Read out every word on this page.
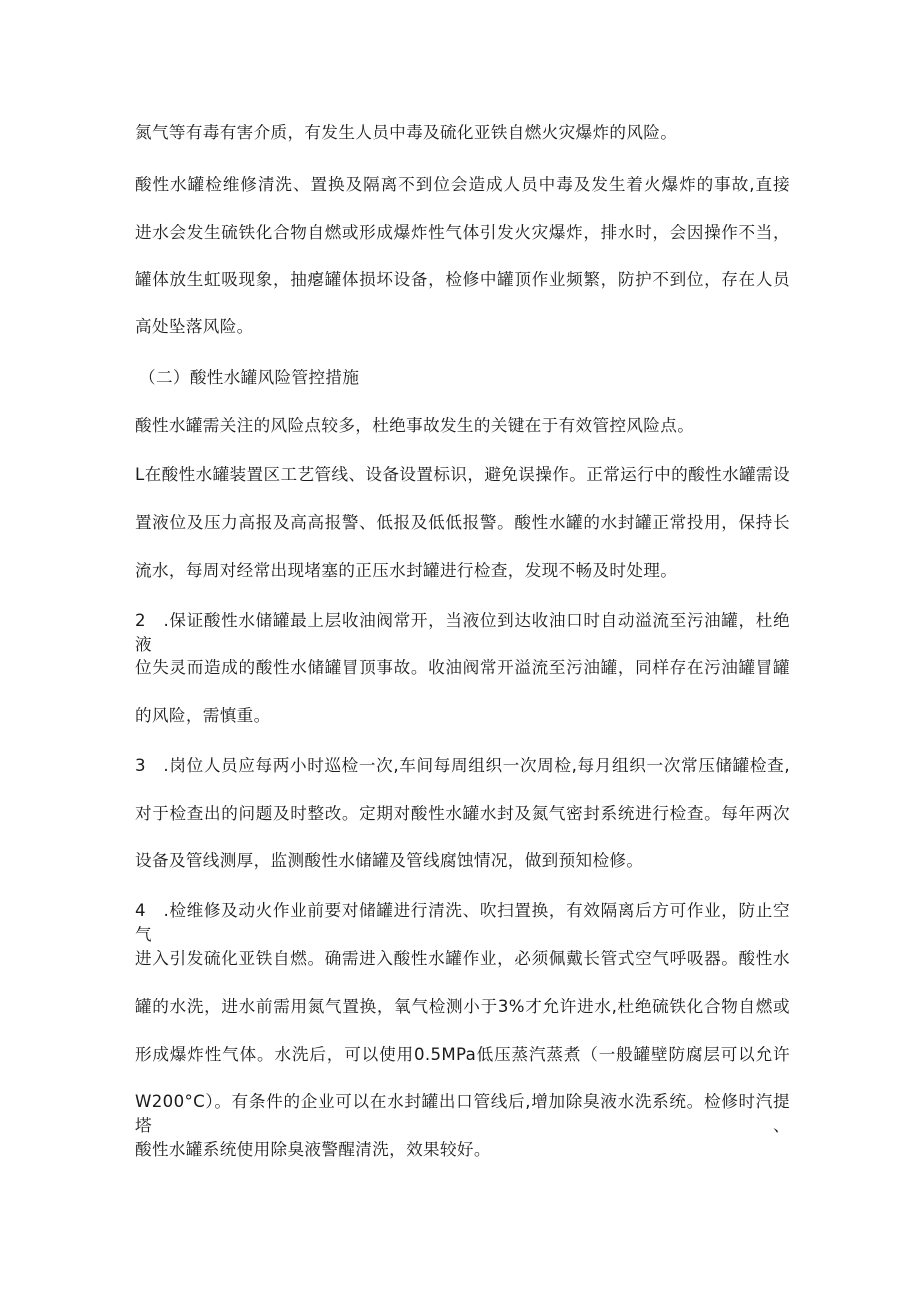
氮气等有毒有害介质，有发生人员中毒及硫化亚铁自燃火灾爆炸的风险。
酸性水罐检维修清洗、置换及隔离不到位会造成人员中毒及发生着火爆炸的事故,直接
进水会发生硫铁化合物自燃或形成爆炸性气体引发火灾爆炸，排水时，会因操作不当，
罐体放生虹吸现象，抽瘪罐体损坏设备，检修中罐顶作业频繁，防护不到位，存在人员
高处坠落风险。
（二）酸性水罐风险管控措施
酸性水罐需关注的风险点较多，杜绝事故发生的关键在于有效管控风险点。
L在酸性水罐装置区工艺管线、设备设置标识，避免误操作。正常运行中的酸性水罐需设
置液位及压力高报及高高报警、低报及低低报警。酸性水罐的水封罐正常投用，保持长
流水，每周对经常出现堵塞的正压水封罐进行检查，发现不畅及时处理。
2　.保证酸性水储罐最上层收油阀常开，当液位到达收油口时自动溢流至污油罐，杜绝液
位失灵而造成的酸性水储罐冒顶事故。收油阀常开溢流至污油罐，同样存在污油罐冒罐
的风险，需慎重。
3　.岗位人员应每两小时巡检一次,车间每周组织一次周检,每月组织一次常压储罐检查,
对于检查出的问题及时整改。定期对酸性水罐水封及氮气密封系统进行检查。每年两次
设备及管线测厚，监测酸性水储罐及管线腐蚀情况，做到预知检修。
4　.检维修及动火作业前要对储罐进行清洗、吹扫置换，有效隔离后方可作业，防止空气
进入引发硫化亚铁自燃。确需进入酸性水罐作业，必须佩戴长管式空气呼吸器。酸性水
罐的水洗，进水前需用氮气置换，氧气检测小于3%才允许进水,杜绝硫铁化合物自燃或
形成爆炸性气体。水洗后，可以使用0.5MPa低压蒸汽蒸煮（一般罐壁防腐层可以允许
W200°C）。有条件的企业可以在水封罐出口管线后,增加除臭液水洗系统。检修时汽提塔、
酸性水罐系统使用除臭液警醒清洗，效果较好。
